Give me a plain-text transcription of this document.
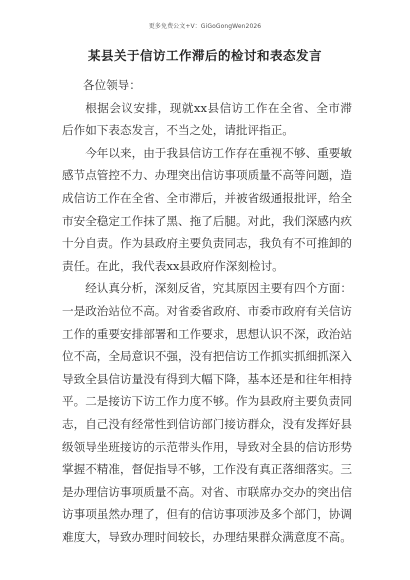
更多免费公文+V：GiGoGongWen2026
某县关于信访工作滞后的检讨和表态发言

各位领导：

根据会议安排，现就xx县信访工作在全省、全市滞后作如下表态发言，不当之处，请批评指正。

今年以来，由于我县信访工作存在重视不够、重要敏感节点管控不力、办理突出信访事项质量不高等问题，造成信访工作在全省、全市滞后，并被省级通报批评，给全市安全稳定工作抹了黑、拖了后腿。对此，我们深感内疚十分自责。作为县政府主要负责同志，我负有不可推卸的责任。在此，我代表xx县政府作深刻检讨。

经认真分析，深刻反省，究其原因主要有四个方面：一是政治站位不高。对省委省政府、市委市政府有关信访工作的重要安排部署和工作要求，思想认识不深，政治站位不高，全局意识不强，没有把信访工作抓实抓细抓深入导致全县信访量没有得到大幅下降，基本还是和往年相持平。二是接访下访工作力度不够。作为县政府主要负责同志，自己没有经常性到信访部门接访群众，没有发挥好县级领导坐班接访的示范带头作用，导致对全县的信访形势掌握不精准，督促指导不够，工作没有真正落细落实。三是办理信访事项质量不高。对省、市联席办交办的突出信访事项虽然办理了，但有的信访事项涉及多个部门，协调难度大，导致办理时间较长，办理结果群众满意度不高。
